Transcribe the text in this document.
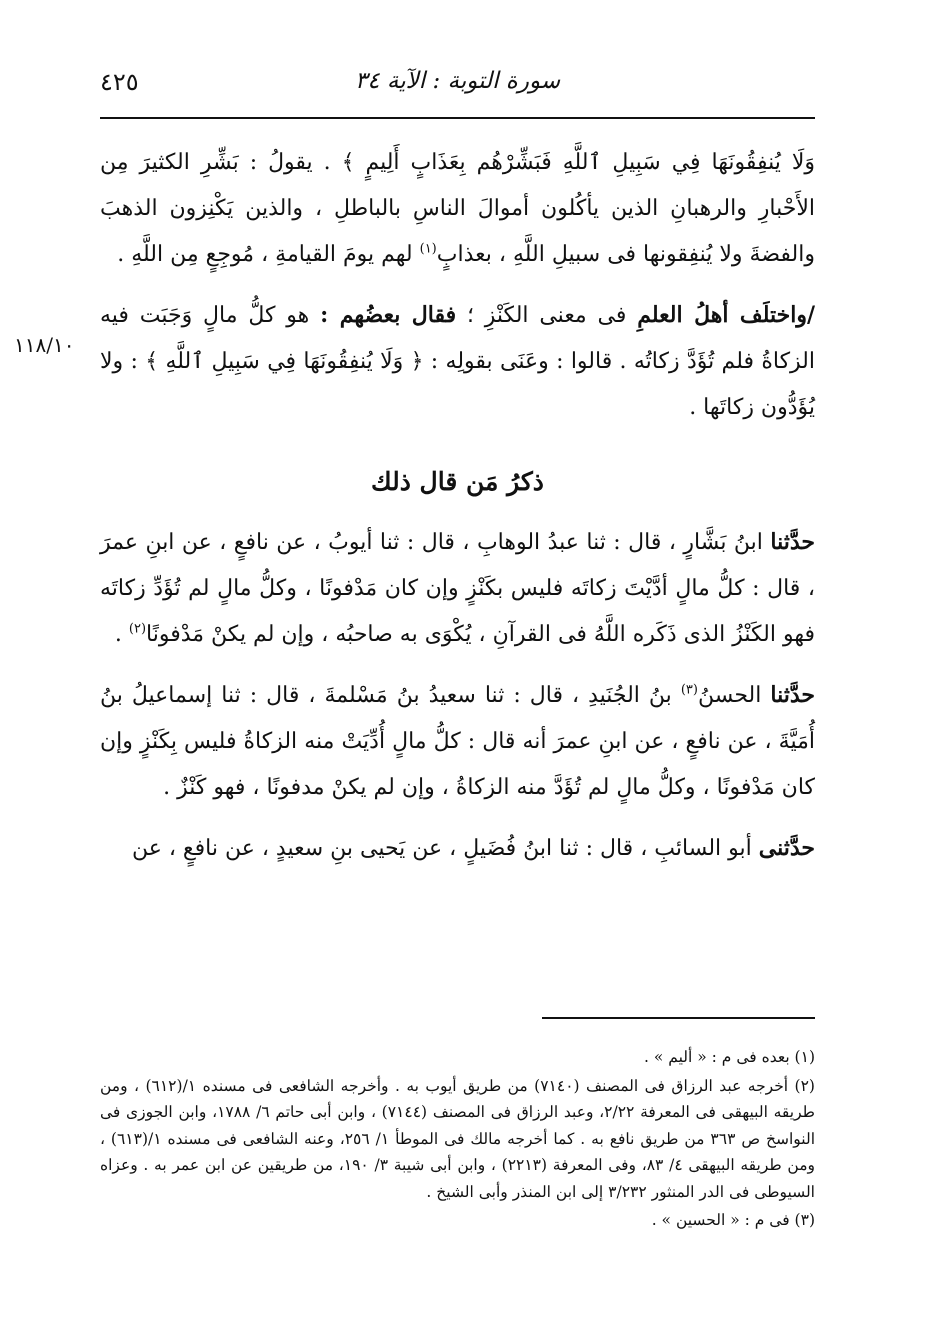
سورة التوبة : الآية ٣٤
٤٢٥
١١٨/١٠

وَلَا يُنفِقُونَهَا فِي سَبِيلِ ٱللَّهِ فَبَشِّرْهُم بِعَذَابٍ أَلِيمٍ ﴾ . يقولُ : بَشِّرِ الكثيرَ مِن الأَحْبارِ والرهبانِ الذين يأكُلون أموالَ الناسِ بالباطلِ ، والذين يَكْنِزون الذهبَ والفضةَ ولا يُنفِقونها فى سبيلِ اللَّهِ ، بعذابٍ$^{(١)}$ لهم يومَ القيامةِ ، مُوجِعٍ مِن اللَّهِ .

/واختلَف أهلُ العلمِ فى معنى الكَنْزِ ؛ فقال بعضُهم : هو كلُّ مالٍ وَجَبَت فيه الزكاةُ فلم تُؤَدَّ زكاتُه . قالوا : وعَنَى بقولِه : ﴿ وَلَا يُنفِقُونَهَا فِي سَبِيلِ ٱللَّهِ ﴾ : ولا يُؤَدُّون زكاتَها .

ذكرُ مَن قال ذلك

حدَّثنا ابنُ بَشَّارٍ ، قال : ثنا عبدُ الوهابِ ، قال : ثنا أيوبُ ، عن نافعٍ ، عن ابنِ عمرَ ، قال : كلُّ مالٍ أدَّيْتَ زكاتَه فليس بكَنْزٍ وإن كان مَدْفونًا ، وكلُّ مالٍ لم تُؤَدِّ زكاتَه فهو الكَنْزُ الذى ذَكَره اللَّهُ فى القرآنِ ، يُكْوَى به صاحبُه ، وإن لم يكنْ مَدْفونًا$^{(٢)}$ .

حدَّثنا الحسنُ$^{(٣)}$ بنُ الجُنَيدِ ، قال : ثنا سعيدُ بنُ مَسْلمةَ ، قال : ثنا إسماعيلُ بنُ أُمَيَّةَ ، عن نافعٍ ، عن ابنِ عمرَ أنه قال : كلُّ مالٍ أُدِّيَتْ منه الزكاةُ فليس بِكَنْزٍ وإن كان مَدْفونًا ، وكلُّ مالٍ لم تُؤَدَّ منه الزكاةُ ، وإن لم يكنْ مدفونًا ، فهو كَنْزٌ .

حدَّثنى أبو السائبِ ، قال : ثنا ابنُ فُضَيلٍ ، عن يَحيى بنِ سعيدٍ ، عن نافعٍ ، عن

(١) بعده فى م : « أليم » .

(٢) أخرجه عبد الرزاق فى المصنف (٧١٤٠) من طريق أيوب به . وأخرجه الشافعى فى مسنده ١/(٦١٢) ، ومن طريقه البيهقى فى المعرفة ٢/٢٢، وعبد الرزاق فى المصنف (٧١٤٤) ، وابن أبى حاتم ٦/ ١٧٨٨، وابن الجوزى فى النواسخ ص ٣٦٣ من طريق نافع به . كما أخرجه مالك فى الموطأ ١/ ٢٥٦، وعنه الشافعى فى مسنده ١/(٦١٣) ، ومن طريقه البيهقى ٤/ ٨٣، وفى المعرفة (٢٢١٣) ، وابن أبى شيبة ٣/ ١٩٠، من طريقين عن ابن عمر به . وعزاه السيوطى فى الدر المنثور ٣/٢٣٢ إلى ابن المنذر وأبى الشيخ .

(٣) فى م : « الحسين » .
